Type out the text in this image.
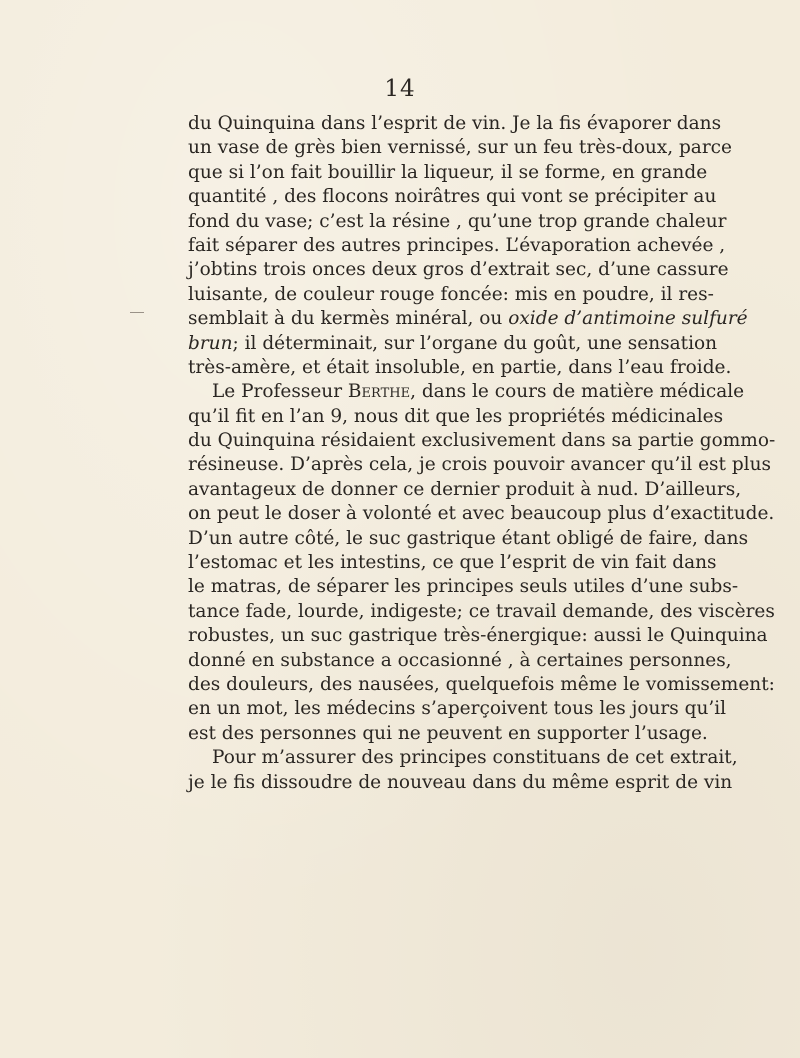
14
du Quinquina dans l’esprit de vin. Je la fis évaporer dans
un vase de grès bien vernissé, sur un feu très-doux, parce
que si l’on fait bouillir la liqueur, il se forme, en grande
quantité , des flocons noirâtres qui vont se précipiter au
fond du vase; c’est la résine , qu’une trop grande chaleur
fait séparer des autres principes. L’évaporation achevée ,
j’obtins trois onces deux gros d’extrait sec, d’une cassure
luisante, de couleur rouge foncée: mis en poudre, il res-
semblait à du kermès minéral, ou oxide d’antimoine sulfuré
brun; il déterminait, sur l’organe du goût, une sensation
très-amère, et était insoluble, en partie, dans l’eau froide.
Le Professeur Berthe, dans le cours de matière médicale
qu’il fit en l’an 9, nous dit que les propriétés médicinales
du Quinquina résidaient exclusivement dans sa partie gommo-
résineuse. D’après cela, je crois pouvoir avancer qu’il est plus
avantageux de donner ce dernier produit à nud. D’ailleurs,
on peut le doser à volonté et avec beaucoup plus d’exactitude.
D’un autre côté, le suc gastrique étant obligé de faire, dans
l’estomac et les intestins, ce que l’esprit de vin fait dans
le matras, de séparer les principes seuls utiles d’une subs-
tance fade, lourde, indigeste; ce travail demande, des viscères
robustes, un suc gastrique très-énergique: aussi le Quinquina
donné en substance a occasionné , à certaines personnes,
des douleurs, des nausées, quelquefois même le vomissement:
en un mot, les médecins s’aperçoivent tous les jours qu’il
est des personnes qui ne peuvent en supporter l’usage.
Pour m’assurer des principes constituans de cet extrait,
je le fis dissoudre de nouveau dans du même esprit de vin
